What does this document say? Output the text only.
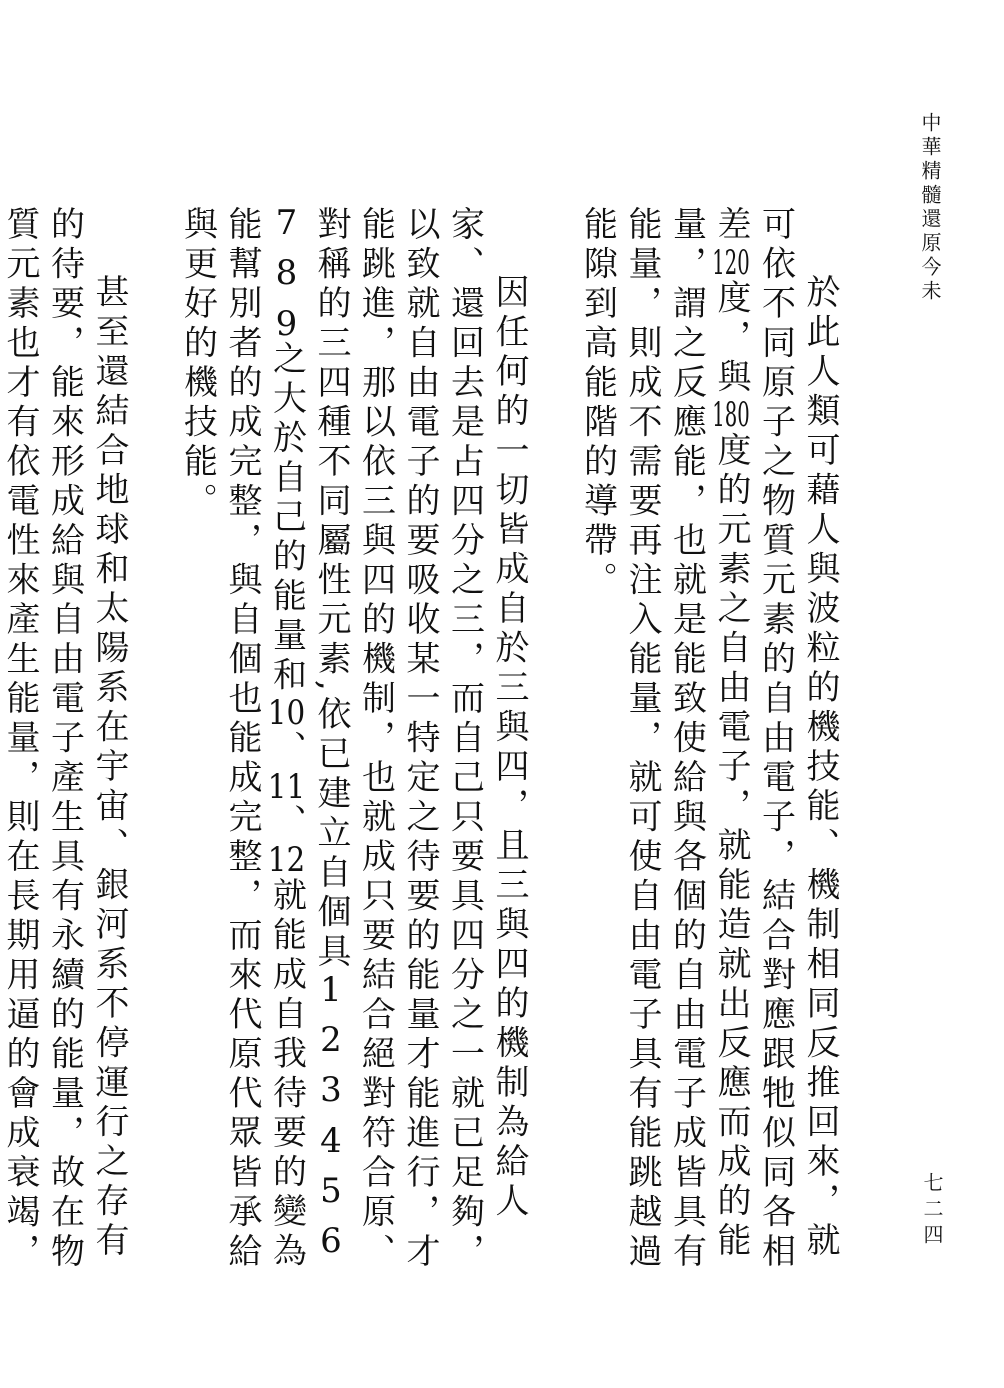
中華精髓還原今未
七二四

於此人類可藉人與波粒的機技能、機制相同反推回來，就可依不同原子之物質元素的自由電子，結合對應跟牠似同各相差120度，與180度的元素之自由電子，就能造就出反應而成的能量，謂之反應能，也就是能致使給與各個的自由電子成皆具有能量，則成不需要再注入能量，就可使自由電子具有能跳越過能隙到高能階的導帶。

因任何的一切皆成自於三與四，且三與四的機制為給人家、還回去是占四分之三，而自己只要具四分之一就已足夠，以致就自由電子的要吸收某一特定之待要的能量才能進行，才能跳進，那以依三與四的機制，也就成只要結合絕對符合原、對稱的三四種不同屬性元素,依已建立自個具1 2 3 4 5 6 7 8 9之大於自己的能量和10、11、12就能成自我待要的變為能幫別者的成完整，與自個也能成完整，而來代原代眾皆承給與更好的機技能。

甚至還結合地球和太陽系在宇宙、銀河系不停運行之存有的待要，能來形成給與自由電子產生具有永續的能量，故在物質元素也才有依電性來產生能量，則在長期用逼的會成衰竭，
